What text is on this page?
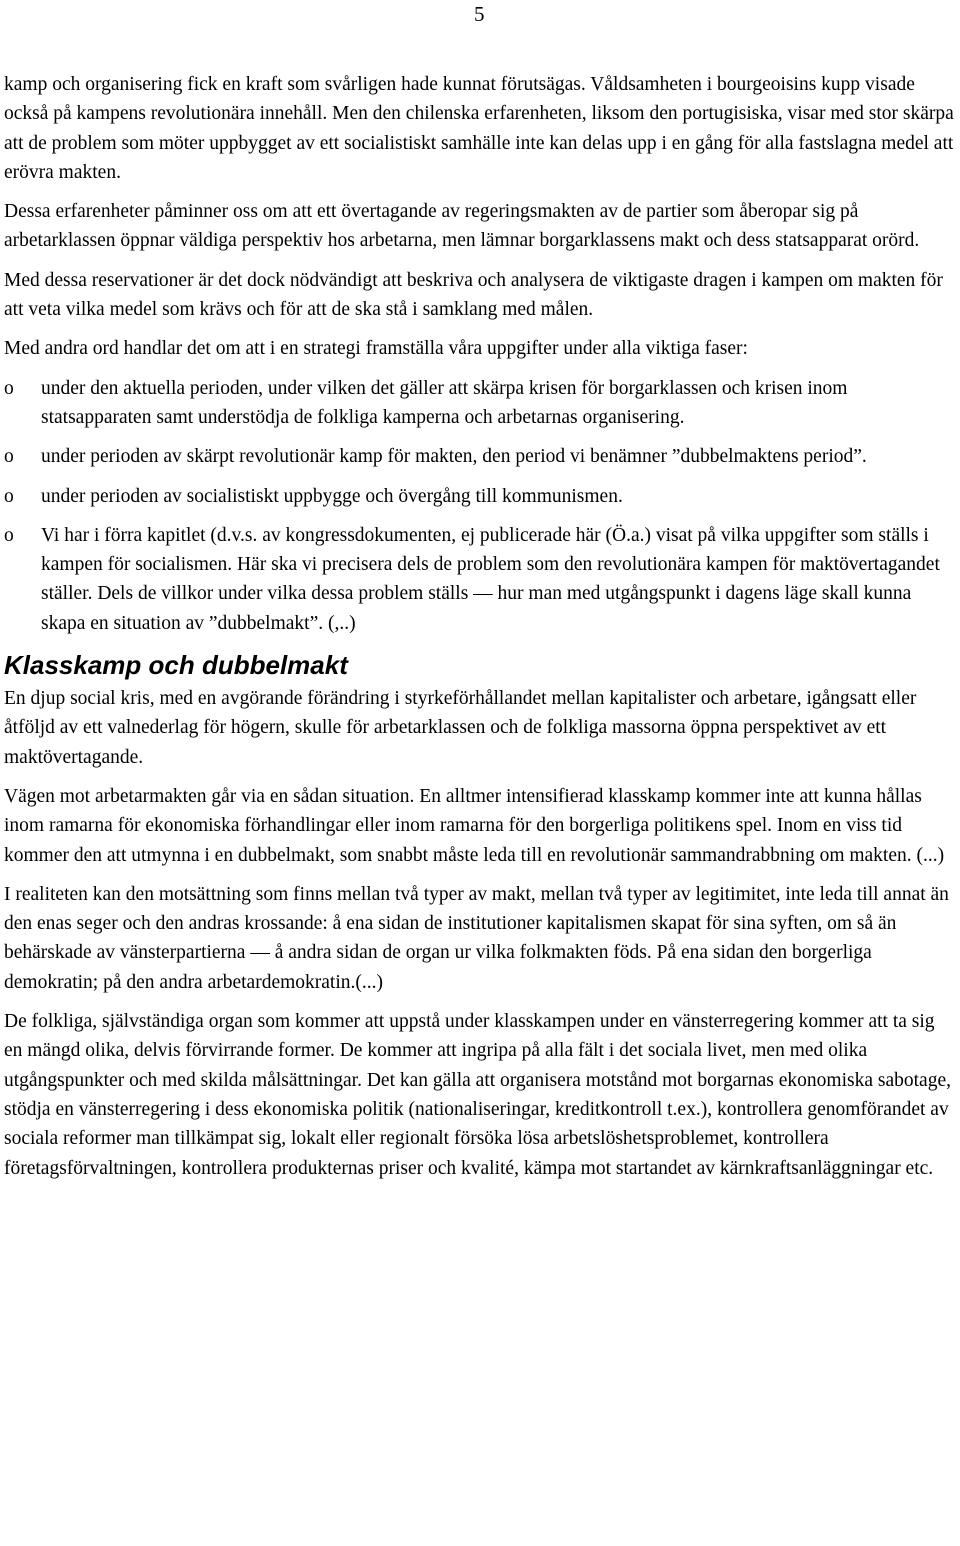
5

kamp och organisering fick en kraft som svårligen hade kunnat förutsägas. Våldsamheten i bourgeoisins kupp visade också på kampens revolutionära innehåll. Men den chilenska erfarenheten, liksom den portugisiska, visar med stor skärpa att de problem som möter uppbygget av ett socialistiskt samhälle inte kan delas upp i en gång för alla fastslagna medel att erövra makten.

Dessa erfarenheter påminner oss om att ett övertagande av regeringsmakten av de partier som åberopar sig på arbetarklassen öppnar väldiga perspektiv hos arbetarna, men lämnar borgarklassens makt och dess statsapparat orörd.

Med dessa reservationer är det dock nödvändigt att beskriva och analysera de viktigaste dragen i kampen om makten för att veta vilka medel som krävs och för att de ska stå i samklang med målen.

Med andra ord handlar det om att i en strategi framställa våra uppgifter under alla viktiga faser:

o under den aktuella perioden, under vilken det gäller att skärpa krisen för borgarklassen och krisen inom statsapparaten samt understödja de folkliga kamperna och arbetarnas organisering.
o under perioden av skärpt revolutionär kamp för makten, den period vi benämner ”dubbelmaktens period”.
o under perioden av socialistiskt uppbygge och övergång till kommunismen.
o Vi har i förra kapitlet (d.v.s. av kongressdokumenten, ej publicerade här (Ö.a.) visat på vilka uppgifter som ställs i kampen för socialismen. Här ska vi precisera dels de problem som den revolutionära kampen för maktövertagandet ställer. Dels de villkor under vilka dessa problem ställs — hur man med utgångspunkt i dagens läge skall kunna skapa en situation av ”dubbelmakt”. (,..)
Klasskamp och dubbelmakt

En djup social kris, med en avgörande förändring i styrkeförhållandet mellan kapitalister och arbetare, igångsatt eller åtföljd av ett valnederlag för högern, skulle för arbetarklassen och de folkliga massorna öppna perspektivet av ett maktövertagande.

Vägen mot arbetarmakten går via en sådan situation. En alltmer intensifierad klasskamp kommer inte att kunna hållas inom ramarna för ekonomiska förhandlingar eller inom ramarna för den borgerliga politikens spel. Inom en viss tid kommer den att utmynna i en dubbelmakt, som snabbt måste leda till en revolutionär sammandrabbning om makten. (...)

I realiteten kan den motsättning som finns mellan två typer av makt, mellan två typer av legitimitet, inte leda till annat än den enas seger och den andras krossande: å ena sidan de institutioner kapitalismen skapat för sina syften, om så än behärskade av vänsterpartierna — å andra sidan de organ ur vilka folkmakten föds. På ena sidan den borgerliga demokratin; på den andra arbetardemokratin.(...)

De folkliga, självständiga organ som kommer att uppstå under klasskampen under en vänsterregering kommer att ta sig en mängd olika, delvis förvirrande former. De kommer att ingripa på alla fält i det sociala livet, men med olika utgångspunkter och med skilda målsättningar. Det kan gälla att organisera motstånd mot borgarnas ekonomiska sabotage, stödja en vänsterregering i dess ekonomiska politik (nationaliseringar, kreditkontroll t.ex.), kontrollera genomförandet av sociala reformer man tillkämpat sig, lokalt eller regionalt försöka lösa arbetslöshetsproblemet, kontrollera företagsförvaltningen, kontrollera produkternas priser och kvalité, kämpa mot startandet av kärnkraftsanläggningar etc.
